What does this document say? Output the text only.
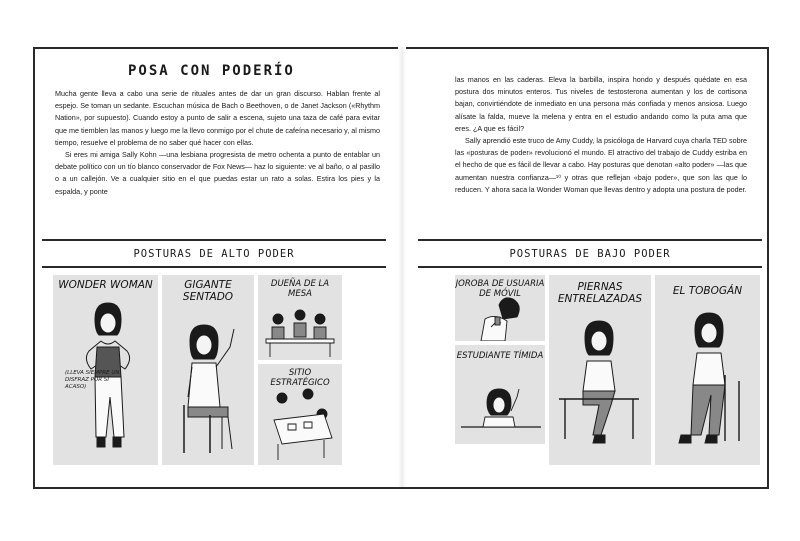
POSA CON PODERÍO

Mucha gente lleva a cabo una serie de rituales antes de dar un gran discurso. Hablan frente al espejo. Se toman un sedante. Escuchan música de Bach o Beethoven, o de Janet Jackson («Rhythm Nation», por supuesto). Cuando estoy a punto de salir a escena, sujeto una taza de café para evitar que me tiemblen las manos y luego me la llevo conmigo por el chute de cafeína necesario y, al mismo tiempo, resuelve el problema de no saber qué hacer con ellas.

Si eres mi amiga Sally Kohn —una lesbiana progresista de metro ochenta a punto de entablar un debate político con un tío blanco conservador de Fox News— haz lo siguiente: ve al baño, o al pasillo o a un callejón. Ve a cualquier sitio en el que puedas estar un rato a solas. Estira los pies y la espalda, y ponte

las manos en las caderas. Eleva la barbilla, inspira hondo y después quédate en esa postura dos minutos enteros. Tus niveles de testosterona aumentan y los de cortisona bajan, convirtiéndote de inmediato en una persona más confiada y menos ansiosa. Luego alísate la falda, mueve la melena y entra en el estudio andando como la puta ama que eres. ¿A que es fácil?

Sally aprendió este truco de Amy Cuddy, la psicóloga de Harvard cuya charla TED sobre las «posturas de poder» revolucionó el mundo. El atractivo del trabajo de Cuddy estriba en el hecho de que es fácil de llevar a cabo. Hay posturas que denotan «alto poder» —las que aumentan nuestra confianza—¹⁰ y otras que reflejan «bajo poder», que son las que lo reducen. Y ahora saca la Wonder Woman que llevas dentro y adopta una postura de poder.

POSTURAS DE ALTO PODER
WONDER WOMAN
(LLEVA SIEMPRE UN DISFRAZ POR SI ACASO)
GIGANTE SENTADO
DUEÑA DE LA MESA
SITIO ESTRATÉGICO
POSTURAS DE BAJO PODER
JOROBA DE USUARIA DE MÓVIL
ESTUDIANTE TÍMIDA
PIERNAS ENTRELAZADAS
EL TOBOGÁN
